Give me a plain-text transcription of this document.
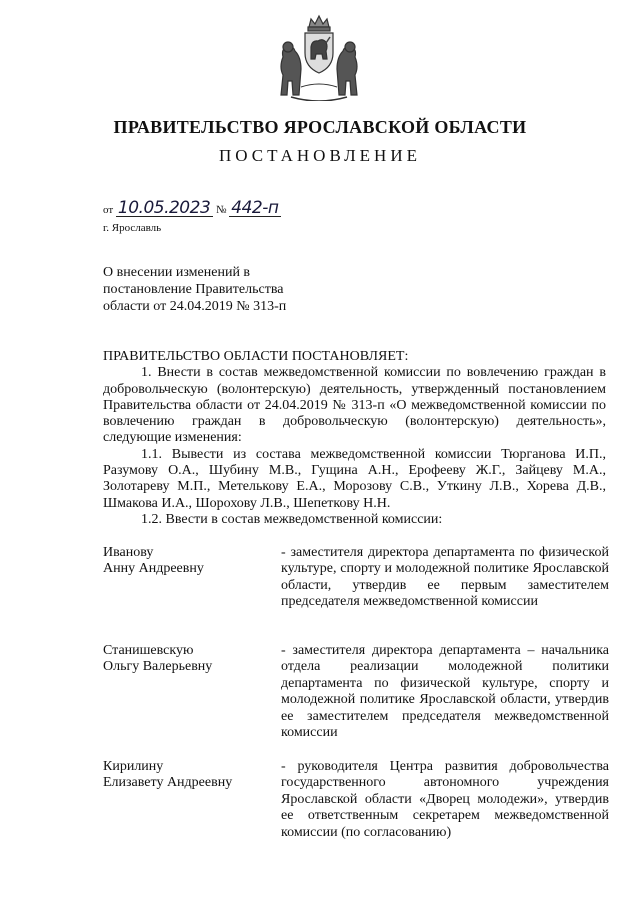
ПРАВИТЕЛЬСТВО ЯРОСЛАВСКОЙ ОБЛАСТИ
ПОСТАНОВЛЕНИЕ
от 10.05.2023 № 442-п
г. Ярославль
О внесении изменений в
постановление Правительства
области от 24.04.2019 № 313-п

ПРАВИТЕЛЬСТВО ОБЛАСТИ ПОСТАНОВЛЯЕТ:

1. Внести в состав межведомственной комиссии по вовлечению граждан в добровольческую (волонтерскую) деятельность, утвержденный постановлением Правительства области от 24.04.2019 № 313-п «О межведомственной комиссии по вовлечению граждан в добровольческую (волонтерскую) деятельность», следующие изменения:

1.1. Вывести из состава межведомственной комиссии Тюрганова И.П., Разумову О.А., Шубину М.В., Гущина А.Н., Ерофееву Ж.Г., Зайцеву М.А., Золотареву М.П., Метелькову Е.А., Морозову С.В., Уткину Л.В., Хорева Д.В., Шмакова И.А., Шорохову Л.В., Шепеткову Н.Н.

1.2. Ввести в состав межведомственной комиссии:

Иванову
Анну Андреевну
- заместителя директора департамента по физической культуре, спорту и молодежной политике Ярославской области, утвердив ее первым заместителем председателя межведомственной комиссии
Станишевскую
Ольгу Валерьевну
- заместителя директора департамента – начальника отдела реализации молодежной политики департамента по физической культуре, спорту и молодежной политике Ярославской области, утвердив ее заместителем председателя межведомственной комиссии
Кирилину
Елизавету Андреевну
- руководителя Центра развития добровольчества государственного автономного учреждения Ярославской области «Дворец молодежи», утвердив ее ответственным секретарем межведомственной комиссии (по согласованию)
